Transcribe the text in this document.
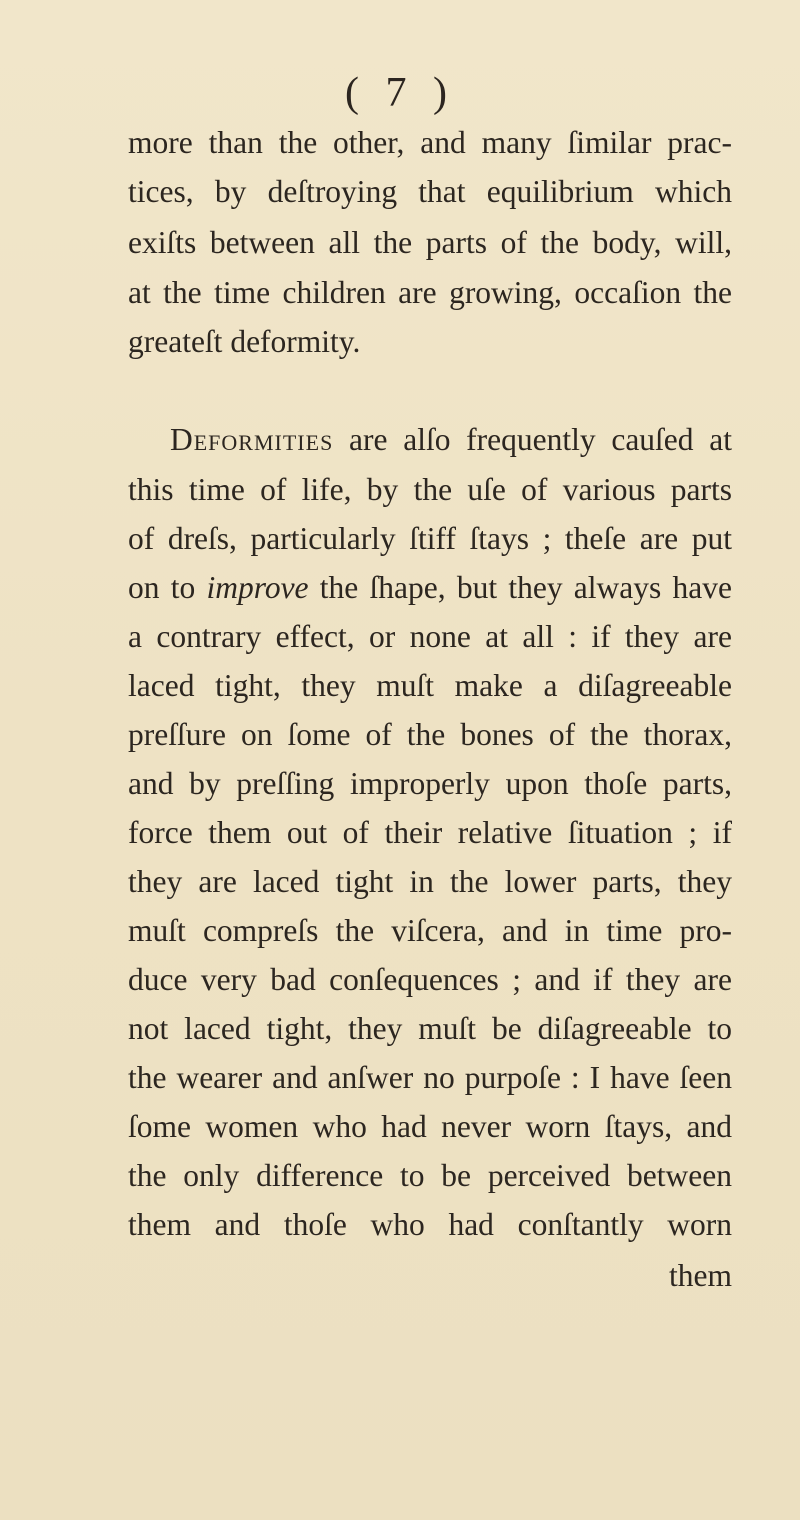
( 7 )
more than the other, and many ſimilar prac-
tices, by deſtroying that equilibrium which
exiſts between all the parts of the body, will,
at the time children are growing, occaſion the
greateſt deformity.
Deformities are alſo frequently cauſed at
this time of life, by the uſe of various parts
of dreſs, particularly ſtiff ſtays ; theſe are put
on to improve the ſhape, but they always have
a contrary effect, or none at all : if they are
laced tight, they muſt make a diſagreeable
preſſure on ſome of the bones of the thorax,
and by preſſing improperly upon thoſe parts,
force them out of their relative ſituation ; if
they are laced tight in the lower parts, they
muſt compreſs the viſcera, and in time pro-
duce very bad conſequences ; and if they are
not laced tight, they muſt be diſagreeable to
the wearer and anſwer no purpoſe : I have ſeen
ſome women who had never worn ſtays, and
the only difference to be perceived between
them and thoſe who had conſtantly worn
them
